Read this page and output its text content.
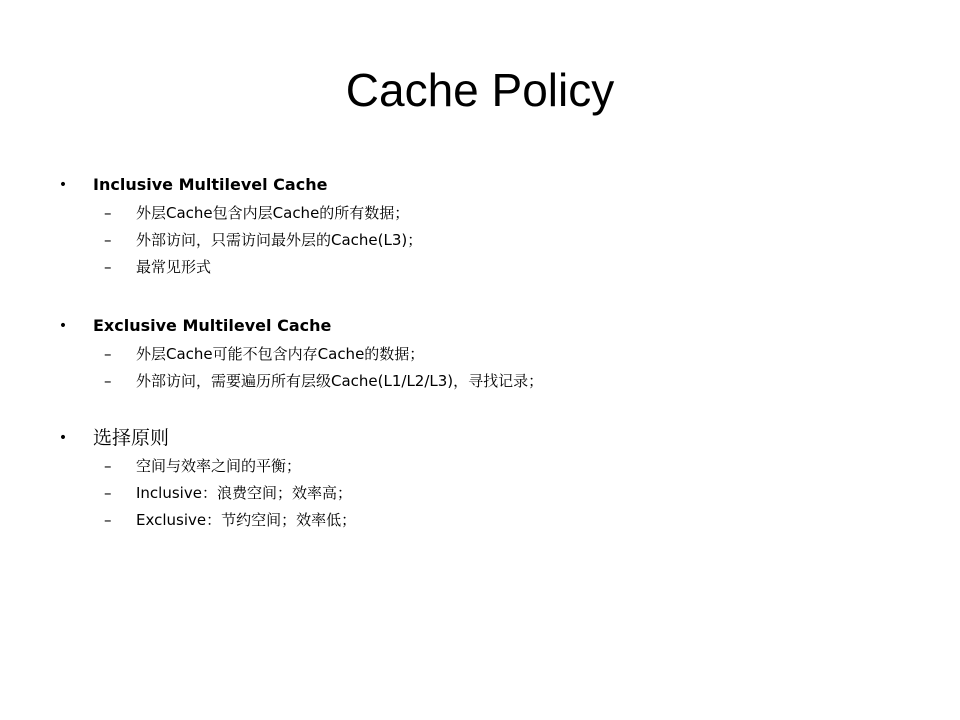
Cache Policy
• Inclusive Multilevel Cache
– 外层Cache包含内层Cache的所有数据；
– 外部访问，只需访问最外层的Cache(L3)；
– 最常见形式
• Exclusive Multilevel Cache
– 外层Cache可能不包含内存Cache的数据；
– 外部访问，需要遍历所有层级Cache(L1/L2/L3)，寻找记录；
• 选择原则
– 空间与效率之间的平衡；
– Inclusive：浪费空间；效率高；
– Exclusive：节约空间；效率低；
